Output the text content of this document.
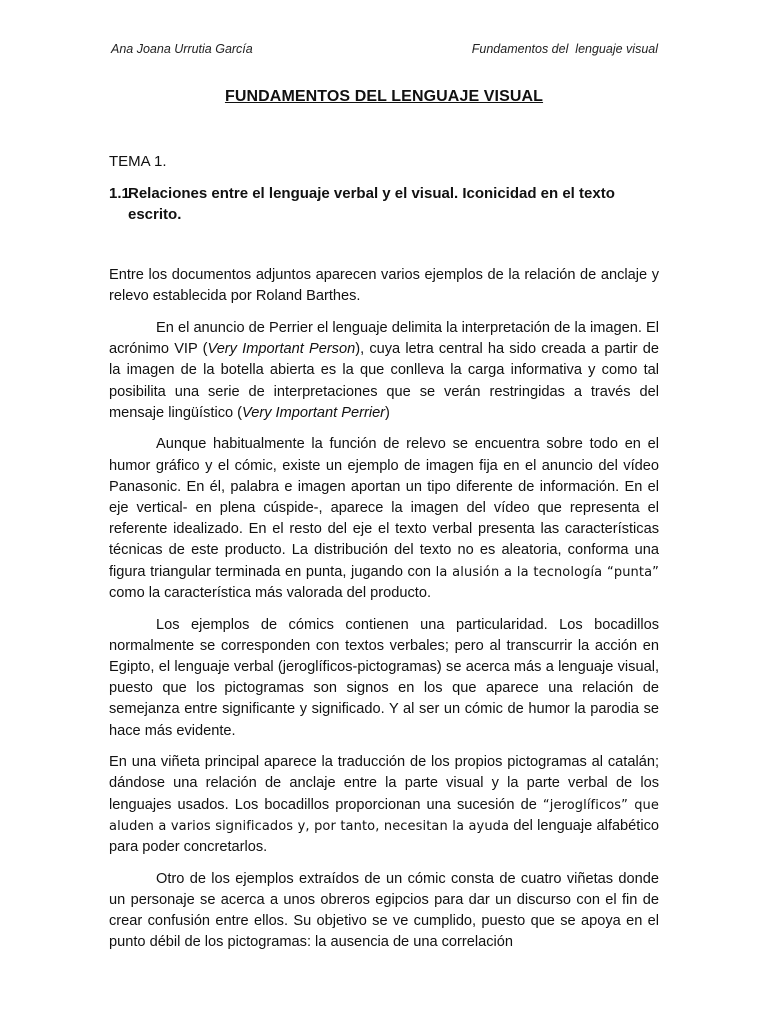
Ana Joana Urrutia García	Fundamentos del  lenguaje visual
FUNDAMENTOS DEL LENGUAJE VISUAL
TEMA 1.
1.1Relaciones entre el lenguaje verbal y el visual. Iconicidad en el texto
escrito.

Entre los documentos adjuntos aparecen varios ejemplos de la relación de anclaje y relevo establecida por Roland Barthes.

En el anuncio de Perrier el lenguaje delimita la interpretación de la imagen. El acrónimo VIP (Very Important Person), cuya letra central ha sido creada a partir de la imagen de la botella abierta es la que conlleva la carga informativa y como tal posibilita una serie de interpretaciones que se verán restringidas a través del mensaje lingüístico (Very Important Perrier)

Aunque habitualmente la función de relevo se encuentra sobre todo en el humor gráfico y el cómic, existe un ejemplo de imagen fija en el anuncio del vídeo Panasonic. En él, palabra e imagen aportan un tipo diferente de información. En el eje vertical- en plena cúspide-, aparece la imagen del vídeo que representa el referente idealizado. En el resto del eje el texto verbal presenta las características técnicas de este producto. La distribución del texto no es aleatoria, conforma una figura triangular terminada en punta, jugando con la alusión a la tecnología “punta” como la característica más valorada del producto.

Los ejemplos de cómics contienen una particularidad. Los bocadillos normalmente se corresponden con textos verbales; pero al transcurrir la acción en Egipto, el lenguaje verbal (jeroglíficos-pictogramas) se acerca más a lenguaje visual, puesto que los pictogramas son signos en los que aparece una relación de semejanza entre significante y significado. Y al ser un cómic de humor la parodia se hace más evidente.

En una viñeta principal aparece la traducción de los propios pictogramas al catalán; dándose una relación de anclaje entre la parte visual y la parte verbal de los lenguajes usados. Los bocadillos proporcionan una sucesión de “jeroglíficos” que aluden a varios significados y, por tanto, necesitan la ayuda del lenguaje alfabético para poder concretarlos.

Otro de los ejemplos extraídos de un cómic consta de cuatro viñetas donde un personaje se acerca a unos obreros egipcios para dar un discurso con el fin de crear confusión entre ellos. Su objetivo se ve cumplido, puesto que se apoya en el punto débil de los pictogramas: la ausencia de una correlación
